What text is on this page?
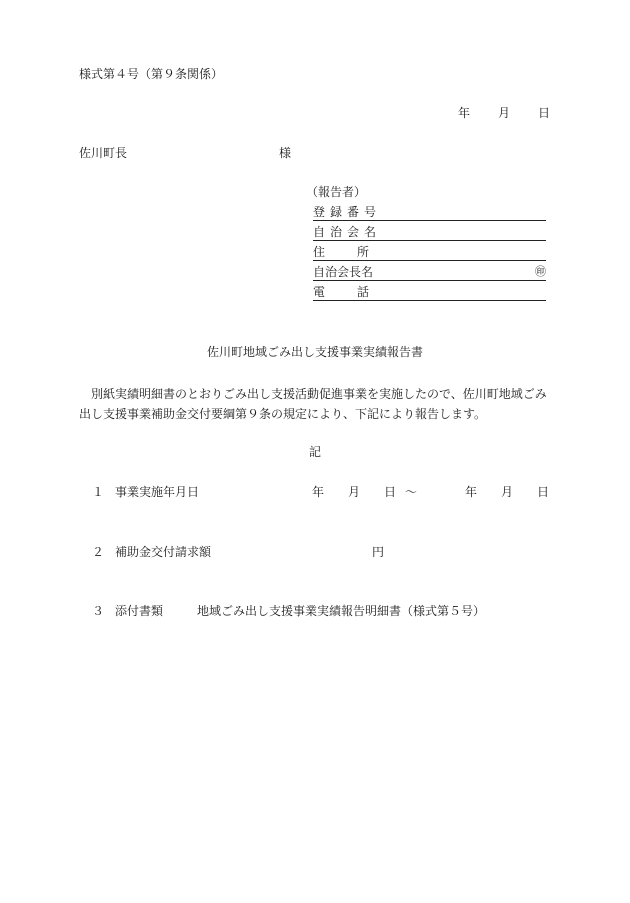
様式第４号（第９条関係）
年 月 日
佐川町長	様
（報告者）
登録番号
自治会名
住	所
自治会長名	㊞
電	話
佐川町地域ごみ出し支援事業実績報告書
別紙実績明細書のとおりごみ出し支援活動促進事業を実施したので、佐川町地域ごみ出し支援事業補助金交付要綱第９条の規定により、下記により報告します。
記
１ 事業実施年月日	年 月 日 ～	年 月 日
２ 補助金交付請求額	円
３ 添付書類	地域ごみ出し支援事業実績報告明細書（様式第５号）
